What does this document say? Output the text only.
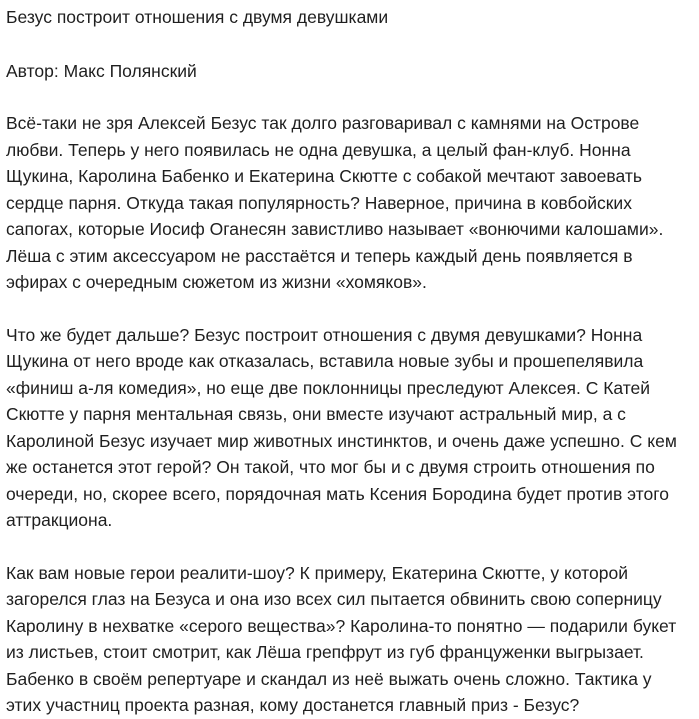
Безус построит отношения с двумя девушками

Автор: Макс Полянский

Всё-таки не зря Алексей Безус так долго разговаривал с камнями на Острове
любви. Теперь у него появилась не одна девушка, а целый фан-клуб. Нонна
Щукина, Каролина Бабенко и Екатерина Скютте с собакой мечтают завоевать
сердце парня. Откуда такая популярность? Наверное, причина в ковбойских
сапогах, которые Иосиф Оганесян завистливо называет «вонючими калошами».
Лёша с этим аксессуаром не расстаётся и теперь каждый день появляется в
эфирах с очередным сюжетом из жизни «хомяков».

Что же будет дальше? Безус построит отношения с двумя девушками? Нонна
Щукина от него вроде как отказалась, вставила новые зубы и прошепелявила
«финиш а-ля комедия», но еще две поклонницы преследуют Алексея. С Катей
Скютте у парня ментальная связь, они вместе изучают астральный мир, а с
Каролиной Безус изучает мир животных инстинктов, и очень даже успешно. С кем
же останется этот герой? Он такой, что мог бы и с двумя строить отношения по
очереди, но, скорее всего, порядочная мать Ксения Бородина будет против этого
аттракциона.

Как вам новые герои реалити-шоу? К примеру, Екатерина Скютте, у которой
загорелся глаз на Безуса и она изо всех сил пытается обвинить свою соперницу
Каролину в нехватке «серого вещества»? Каролина-то понятно — подарили букет
из листьев, стоит смотрит, как Лёша грепфрут из губ француженки выгрызает.
Бабенко в своём репертуаре и скандал из неё выжать очень сложно. Тактика у
этих участниц проекта разная, кому достанется главный приз - Безус?
